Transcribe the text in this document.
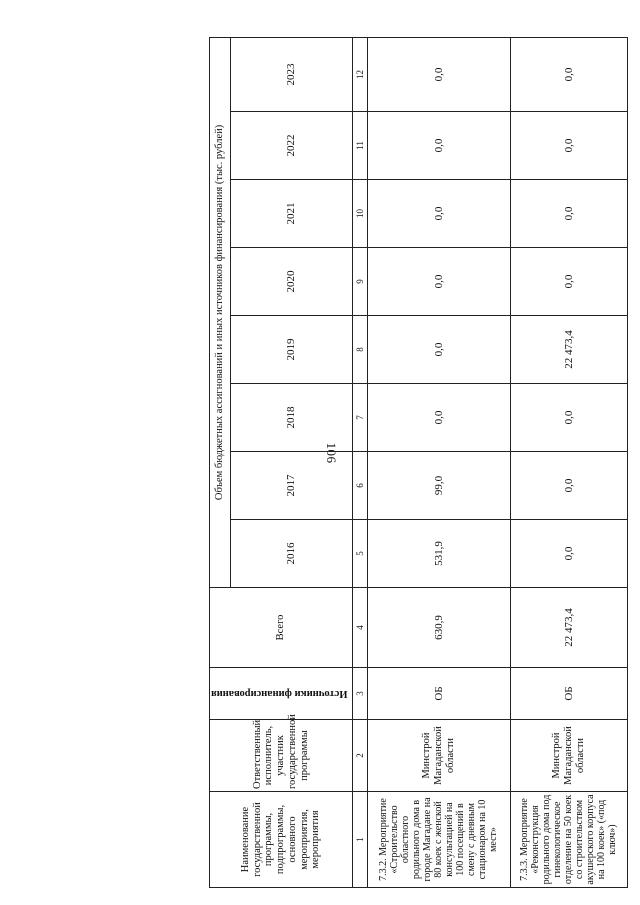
106
Наименование государственной программы, подпрограммы, основного мероприятия, мероприятия	Ответственный исполнитель, участник государственной программы	Источники финансирования	Всего	Объем бюджетных ассигнований и иных источников финансирования (тыс. рублей)							
				2016	2017	2018	2019	2020	2021	2022	2023
1	2	3	4	5	6	7	8	9	10	11	12
7.3.2. Мероприятие «Строительство областного родильного дома в городе Магадане на 80 коек с женской консультацией на 100 посещений в смену с дневным стационаром на 10 мест»	Минстрой Магаданской области	ОБ	630,9	531,9	99,0	0,0	0,0	0,0	0,0	0,0	0,0
7.3.3. Мероприятие «Реконструкция родильного дома под гинекологическое отделение на 50 коек со строительством акушерского корпуса на 100 коек» («под ключ»)	Минстрой Магаданской области	ОБ	22 473,4	0,0	0,0	0,0	22 473,4	0,0	0,0	0,0	0,0
